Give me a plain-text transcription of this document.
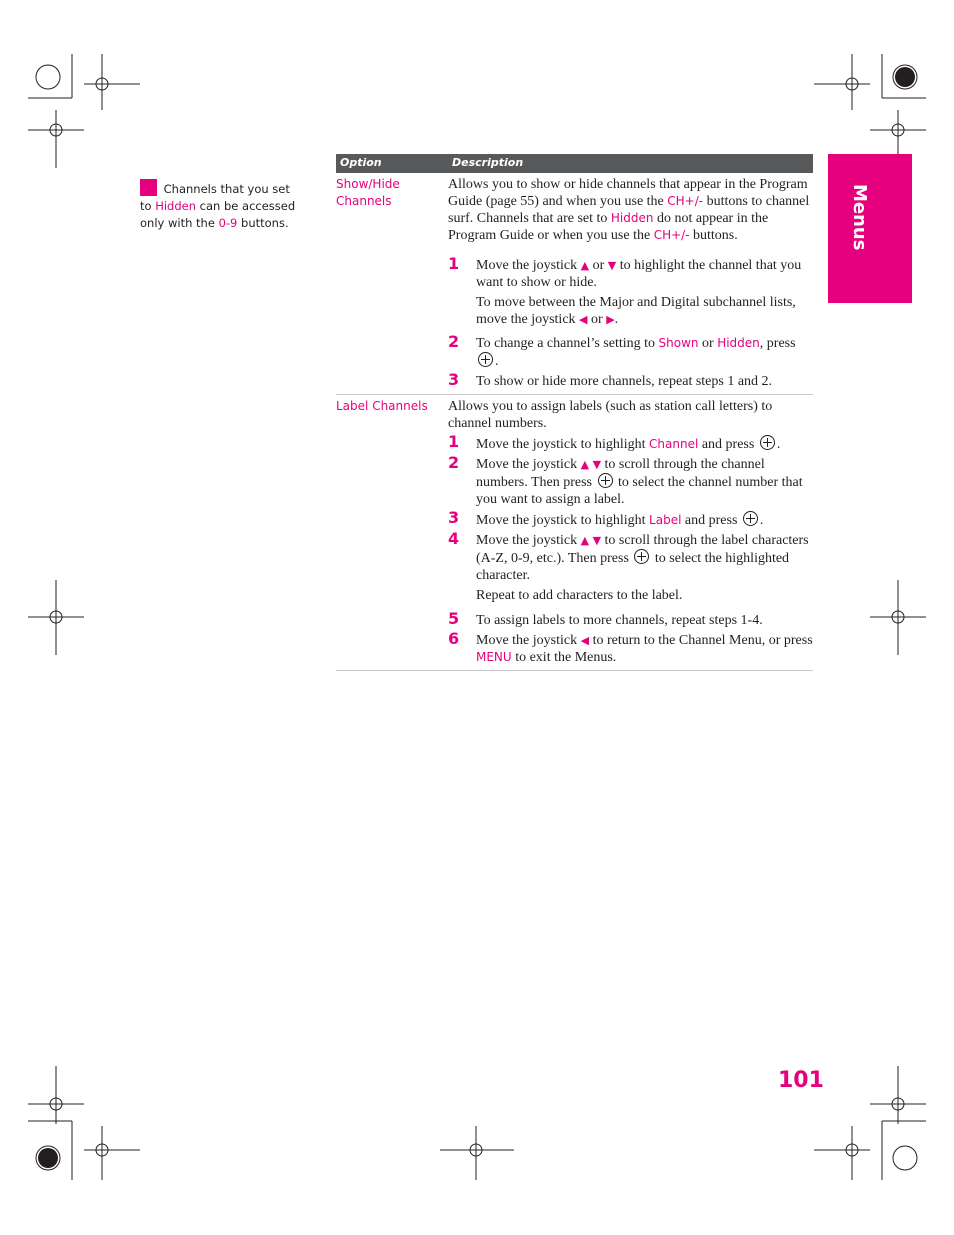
Channels that you set to Hidden can be accessed only with the 0-9 buttons.
Option	Description
Show/Hide Channels

Allows you to show or hide channels that appear in the Program Guide (page 55) and when you use the CH+/- buttons to channel surf. Channels that are set to Hidden do not appear in the Program Guide or when you use the CH+/- buttons.

1 Move the joystick ▲ or ▼ to highlight the channel that you want to show or hide.
To move between the Major and Digital subchannel lists, move the joystick ◀ or ▶.
2 To change a channel’s setting to Shown or Hidden, press .
3 To show or hide more channels, repeat steps 1 and 2.
Label Channels	Allows you to assign labels (such as station call letters) to channel numbers.

1 Move the joystick to highlight Channel and press .
2 Move the joystick ▲ ▼ to scroll through the channel numbers. Then press to select the channel number that you want to assign a label.
3 Move the joystick to highlight Label and press .
4 Move the joystick ▲ ▼ to scroll through the label characters (A-Z, 0-9, etc.). Then press to select the highlighted character.
Repeat to add characters to the label.
5 To assign labels to more channels, repeat steps 1-4.
6 Move the joystick ◀ to return to the Channel Menu, or press MENU to exit the Menus.
Menus
101
